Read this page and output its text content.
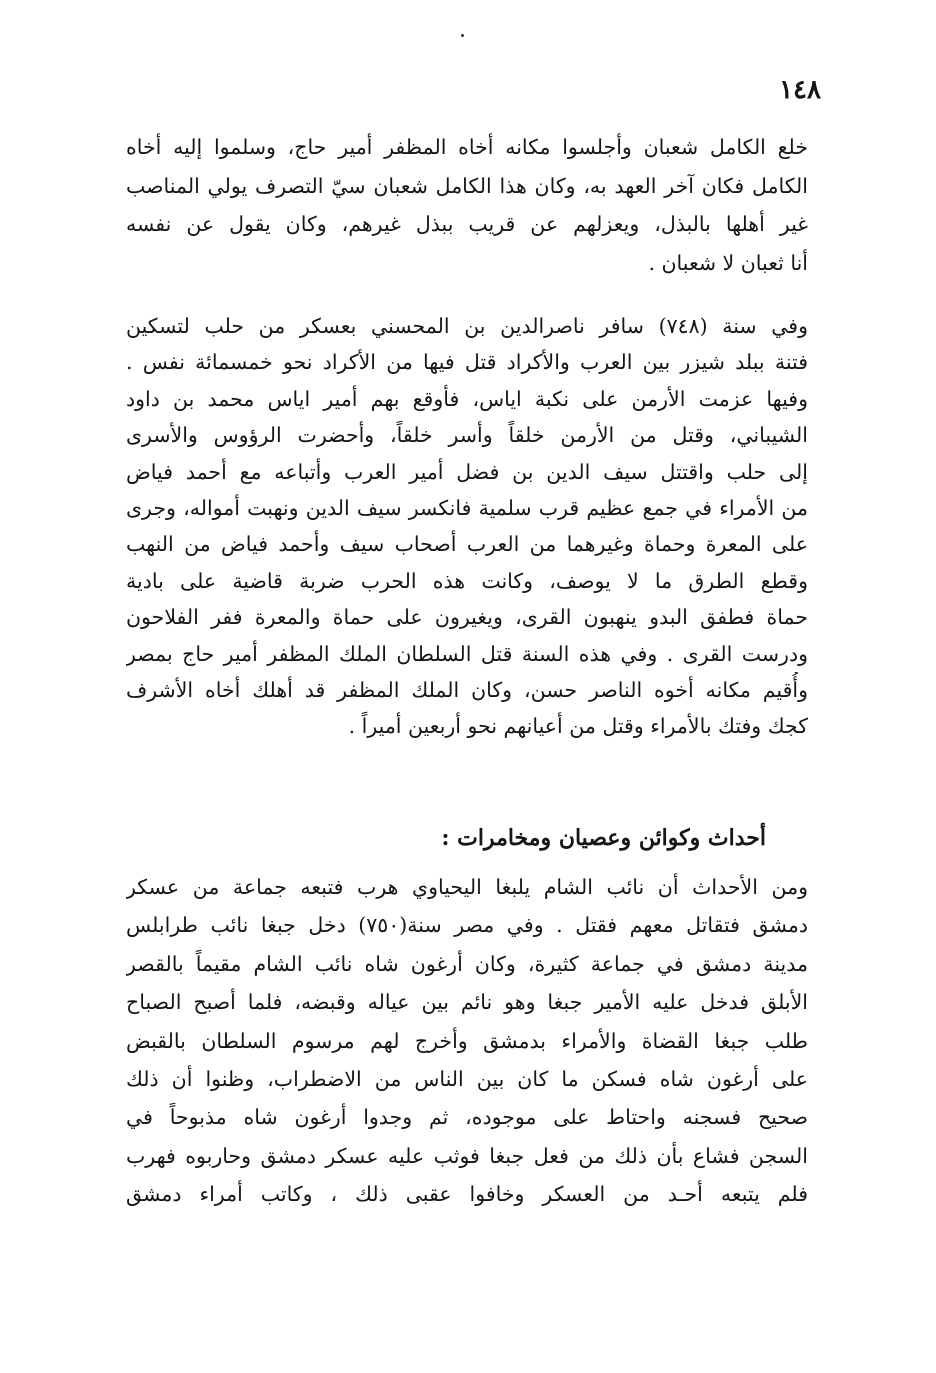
١٤٨
خلع الكامل شعبان وأجلسوا مكانه أخاه المظفر أمير حاج، وسلموا إليه أخاه
الكامل فكان آخر العهد به، وكان هذا الكامل شعبان سيّ التصرف يولي المناصب
غير أهلها بالبذل، ويعزلهم عن قريب ببذل غيرهم، وكان يقول عن نفسه
أنا ثعبان لا شعبان .
وفي سنة (٧٤٨) سافر ناصرالدين بن المحسني بعسكر من حلب لتسكين
فتنة ببلد شيزر بين العرب والأكراد قتل فيها من الأكراد نحو خمسمائة نفس .
وفيها عزمت الأرمن على نكبة اياس، فأوقع بهم أمير اياس محمد بن داود
الشيباني، وقتل من الأرمن خلقاً وأسر خلقاً، وأحضرت الرؤوس والأسرى
إلى حلب واقتتل سيف الدين بن فضل أمير العرب وأتباعه مع أحمد فياض
من الأمراء في جمع عظيم قرب سلمية فانكسر سيف الدين ونهبت أمواله، وجرى
على المعرة وحماة وغيرهما من العرب أصحاب سيف وأحمد فياض من النهب
وقطع الطرق ما لا يوصف، وكانت هذه الحرب ضربة قاضية على بادية
حماة فطفق البدو ينهبون القرى، ويغيرون على حماة والمعرة ففر الفلاحون
ودرست القرى . وفي هذه السنة قتل السلطان الملك المظفر أمير حاج بمصر
وأُقيم مكانه أخوه الناصر حسن، وكان الملك المظفر قد أهلك أخاه الأشرف
كجك وفتك بالأمراء وقتل من أعيانهم نحو أربعين أميراً .
أحداث وكوائن وعصيان ومخامرات :
ومن الأحداث أن نائب الشام يلبغا اليحياوي هرب فتبعه جماعة من عسكر
دمشق فتقاتل معهم فقتل . وفي مصر سنة(٧٥٠) دخل جبغا نائب طرابلس
مدينة دمشق في جماعة كثيرة، وكان أرغون شاه نائب الشام مقيماً بالقصر
الأبلق فدخل عليه الأمير جبغا وهو نائم بين عياله وقبضه، فلما أصبح الصباح
طلب جبغا القضاة والأمراء بدمشق وأخرج لهم مرسوم السلطان بالقبض
على أرغون شاه فسكن ما كان بين الناس من الاضطراب، وظنوا أن ذلك
صحيح فسجنه واحتاط على موجوده، ثم وجدوا أرغون شاه مذبوحاً في
السجن فشاع بأن ذلك من فعل جبغا فوثب عليه عسكر دمشق وحاربوه فهرب
فلم يتبعه أحـد من العسكر وخافوا عقبى ذلك ، وكاتب أمراء دمشق
